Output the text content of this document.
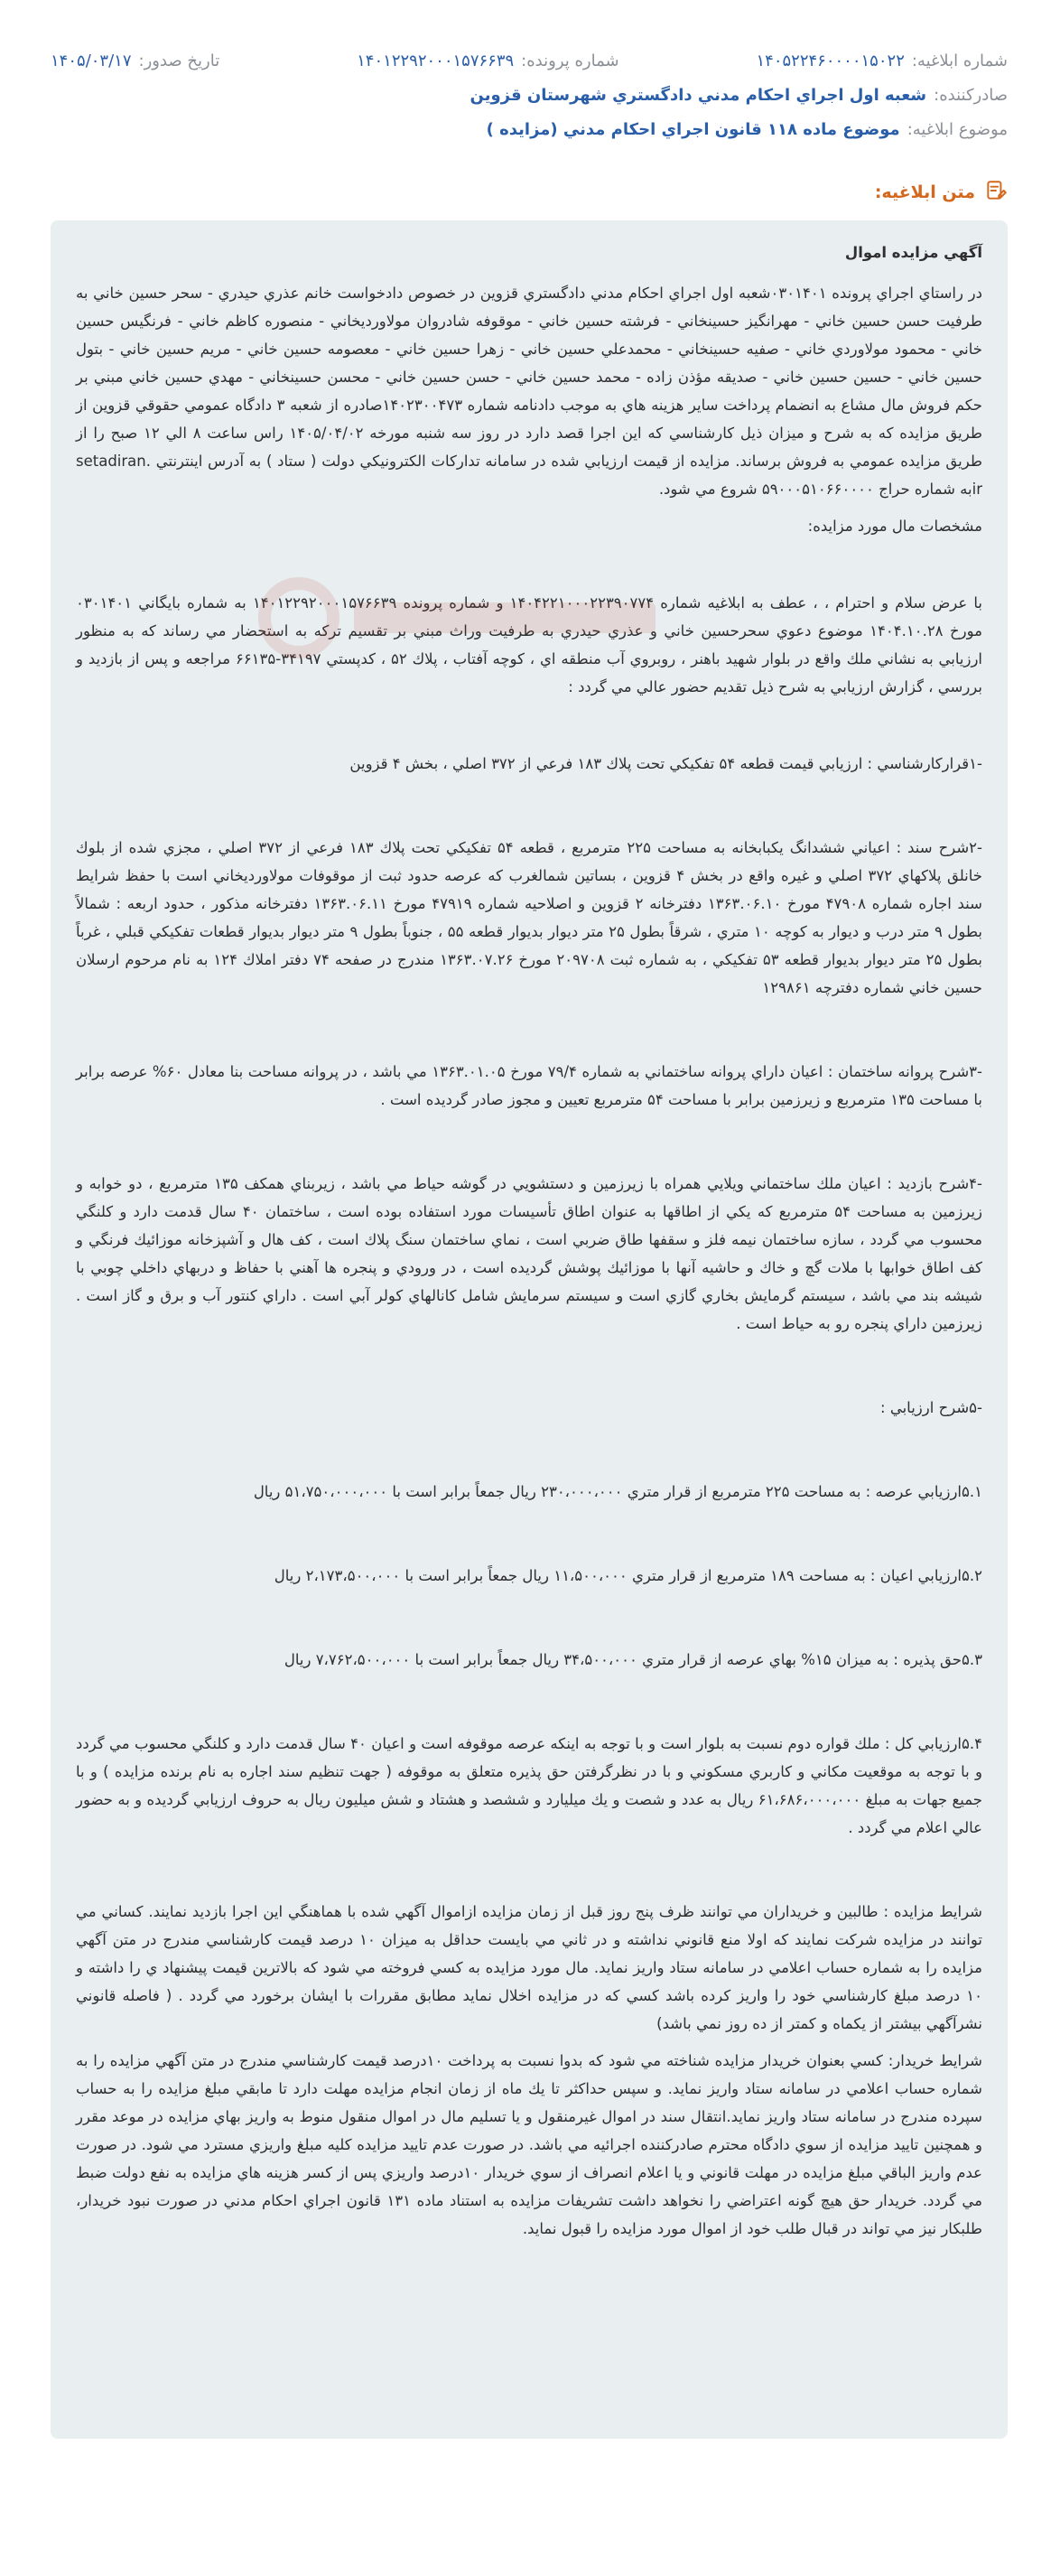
شماره ابلاغيه:
۱۴۰۵۲۲۴۶۰۰۰۰۱۵۰۲۲
شماره پرونده:
۱۴۰۱۲۲۹۲۰۰۰۱۵۷۶۶۳۹
تاريخ صدور:
۱۴۰۵/۰۳/۱۷
صادركننده:
شعبه اول اجراي احكام مدني دادگستري شهرستان قزوين
موضوع ابلاغيه:
موضوع ماده ۱۱۸ قانون اجراي احكام مدني (مزايده )
متن ابلاغيه:

آگهي مزايده اموال

در راستاي اجراي پرونده ۰۳۰۱۴۰۱شعبه اول اجراي احكام مدني دادگستري قزوين در خصوص دادخواست خانم عذري حيدري - سحر حسين خاني به طرفيت حسن حسين خاني - مهرانگيز حسينخاني - فرشته حسين خاني - موقوفه شادروان مولاورديخاني - منصوره كاظم خاني - فرنگيس حسين خاني - محمود مولاوردي خاني - صفيه حسينخاني - محمدعلي حسين خاني - زهرا حسين خاني - معصومه حسين خاني - مريم حسين خاني - بتول حسين خاني - حسين حسين خاني - صديقه مؤذن زاده - محمد حسين خاني - حسن حسين خاني - محسن حسينخاني - مهدي حسين خاني مبني بر حكم فروش مال مشاع به انضمام پرداخت ساير هزينه هاي به موجب دادنامه شماره ۱۴۰۲۳۰۰۴۷۳صادره از شعبه ۳ دادگاه عمومي حقوقي قزوين از طريق مزايده كه به شرح و ميزان ذيل كارشناسي كه اين اجرا قصد دارد در روز سه شنبه مورخه ۱۴۰۵/۰۴/۰۲ راس ساعت ۸ الي ۱۲ صبح را از طريق مزايده عمومي به فروش برساند. مزايده از قيمت ارزيابي شده در سامانه تداركات الكترونيكي دولت ( ستاد ) به آدرس اينترنتي setadiran. irبه شماره حراج ۵۹۰۰۰۵۱۰۶۶۰۰۰۰ شروع مي شود.

مشخصات مال مورد مزايده:

با عرض سلام و احترام ، ، عطف به ابلاغيه شماره ۱۴۰۴۲۲۱۰۰۰۲۲۳۹۰۷۷۴ و شماره پرونده ۱۴۰۱۲۲۹۲۰۰۰۱۵۷۶۶۳۹ به شماره بايگاني ۰۳۰۱۴۰۱ مورخ ۱۴۰۴.۱۰.۲۸ موضوع دعوي سحرحسين خاني و عذري حيدري به طرفيت وراث مبني بر تقسيم تركه به استحضار مي رساند كه به منظور ارزيابي به نشاني ملك واقع در بلوار شهيد باهنر ، روبروي آب منطقه اي ، كوچه آفتاب ، پلاك ۵۲ ، كدپستي ۳۴۱۹۷-۶۶۱۳۵ مراجعه و پس از بازديد و بررسي ، گزارش ارزيابي به شرح ذيل تقديم حضور عالي مي گردد :

-۱قراركارشناسي : ارزيابي قيمت قطعه ۵۴ تفكيكي تحت پلاك ۱۸۳ فرعي از ۳۷۲ اصلي ، بخش ۴ قزوين

-۲شرح سند : اعياني ششدانگ يكبابخانه به مساحت ۲۲۵ مترمربع ، قطعه ۵۴ تفكيكي تحت پلاك ۱۸۳ فرعي از ۳۷۲ اصلي ، مجزي شده از بلوك خانلق پلاكهاي ۳۷۲ اصلي و غيره واقع در بخش ۴ قزوين ، بساتين شمالغرب كه عرصه حدود ثبت از موقوفات مولاورديخاني است با حفظ شرايط سند اجاره شماره ۴۷۹۰۸ مورخ ۱۳۶۳.۰۶.۱۰ دفترخانه ۲ قزوين و اصلاحيه شماره ۴۷۹۱۹ مورخ ۱۳۶۳.۰۶.۱۱ دفترخانه مذكور ، حدود اربعه : شمالاً بطول ۹ متر درب و ديوار به كوچه ۱۰ متري ، شرقاً بطول ۲۵ متر ديوار بديوار قطعه ۵۵ ، جنوباً بطول ۹ متر ديوار بديوار قطعات تفكيكي قبلي ، غرباً بطول ۲۵ متر ديوار بديوار قطعه ۵۳ تفكيكي ، به شماره ثبت ۲۰۹۷۰۸ مورخ ۱۳۶۳.۰۷.۲۶ مندرج در صفحه ۷۴ دفتر املاك ۱۲۴ به نام مرحوم ارسلان حسين خاني شماره دفترچه ۱۲۹۸۶۱

-۳شرح پروانه ساختمان : اعيان داراي پروانه ساختماني به شماره ۷۹/۴ مورخ ۱۳۶۳.۰۱.۰۵ مي باشد ، در پروانه مساحت بنا معادل ۶۰% عرصه برابر با مساحت ۱۳۵ مترمربع و زيرزمين برابر با مساحت ۵۴ مترمربع تعيين و مجوز صادر گرديده است .

-۴شرح بازديد : اعيان ملك ساختماني ويلايي همراه با زيرزمين و دستشويي در گوشه حياط مي باشد ، زيربناي همكف ۱۳۵ مترمربع ، دو خوابه و زيرزمين به مساحت ۵۴ مترمربع كه يكي از اطاقها به عنوان اطاق تأسيسات مورد استفاده بوده است ، ساختمان ۴۰ سال قدمت دارد و كلنگي محسوب مي گردد ، سازه ساختمان نيمه فلز و سقفها طاق ضربي است ، نماي ساختمان سنگ پلاك است ، كف هال و آشپزخانه موزائيك فرنگي و كف اطاق خوابها با ملات گچ و خاك و حاشيه آنها با موزائيك پوشش گرديده است ، در ورودي و پنجره ها آهني با حفاظ و دربهاي داخلي چوبي با شيشه بند مي باشد ، سيستم گرمايش بخاري گازي است و سيستم سرمايش شامل كانالهاي كولر آبي است . داراي كنتور آب و برق و گاز است . زيرزمين داراي پنجره رو به حياط است .

-۵شرح ارزيابي :

۵.۱ارزيابي عرصه : به مساحت ۲۲۵ مترمربع از قرار متري ۲۳۰،۰۰۰،۰۰۰ ريال جمعاً برابر است با ۵۱،۷۵۰،۰۰۰،۰۰۰ ريال

۵.۲ارزيابي اعيان : به مساحت ۱۸۹ مترمربع از قرار متري ۱۱،۵۰۰،۰۰۰ ريال جمعاً برابر است با ۲،۱۷۳،۵۰۰،۰۰۰ ريال

۵.۳حق پذيره : به ميزان ۱۵% بهاي عرصه از قرار متري ۳۴،۵۰۰،۰۰۰ ريال جمعاً برابر است با ۷،۷۶۲،۵۰۰،۰۰۰ ريال

۵.۴ارزيابي كل : ملك قواره دوم نسبت به بلوار است و با توجه به اينكه عرصه موقوفه است و اعيان ۴۰ سال قدمت دارد و كلنگي محسوب مي گردد و با توجه به موقعيت مكاني و كاربري مسكوني و با در نظرگرفتن حق پذيره متعلق به موقوفه ( جهت تنظيم سند اجاره به نام برنده مزايده ) و با جميع جهات به مبلغ ۶۱،۶۸۶،۰۰۰،۰۰۰ ريال به عدد و شصت و يك ميليارد و ششصد و هشتاد و شش ميليون ريال به حروف ارزيابي گرديده و به حضور عالي اعلام مي گردد .

شرايط مزايده : طالبين و خريداران مي توانند ظرف پنج روز قبل از زمان مزايده ازاموال آگهي شده با هماهنگي اين اجرا بازديد نمايند. كساني مي توانند در مزايده شركت نمايند كه اولا منع قانوني نداشته و در ثاني مي بايست حداقل به ميزان ۱۰ درصد قيمت كارشناسي مندرج در متن آگهي مزايده را به شماره حساب اعلامي در سامانه ستاد واريز نمايد. مال مورد مزايده به كسي فروخته مي شود كه بالاترين قيمت پيشنهاد ي را داشته و ۱۰ درصد مبلغ كارشناسي خود را واريز كرده باشد كسي كه در مزايده اخلال نمايد مطابق مقررات با ايشان برخورد مي گردد . ( فاصله قانوني نشرآگهي بيشتر از يكماه و كمتر از ده روز نمي باشد)

شرايط خريدار: كسي بعنوان خريدار مزايده شناخته مي شود كه بدوا نسبت به پرداخت ۱۰درصد قيمت كارشناسي مندرج در متن آگهي مزايده را به شماره حساب اعلامي در سامانه ستاد واريز نمايد. و سپس حداكثر تا يك ماه از زمان انجام مزايده مهلت دارد تا مابقي مبلغ مزايده را به حساب سپرده مندرج در سامانه ستاد واريز نمايد.انتقال سند در اموال غيرمنقول و يا تسليم مال در اموال منقول منوط به واريز بهاي مزايده در موعد مقرر و همچنين تاييد مزايده از سوي دادگاه محترم صادركننده اجرائيه مي باشد. در صورت عدم تاييد مزايده كليه مبلغ واريزي مسترد مي شود. در صورت عدم واريز الباقي مبلغ مزايده در مهلت قانوني و يا اعلام انصراف از سوي خريدار ۱۰درصد واريزي پس از كسر هزينه هاي مزايده به نفع دولت ضبط مي گردد. خريدار حق هيچ گونه اعتراضي را نخواهد داشت تشريفات مزايده به استناد ماده ۱۳۱ قانون اجراي احكام مدني در صورت نبود خريدار، طلبكار نيز مي تواند در قبال طلب خود از اموال مورد مزايده را قبول نمايد.
